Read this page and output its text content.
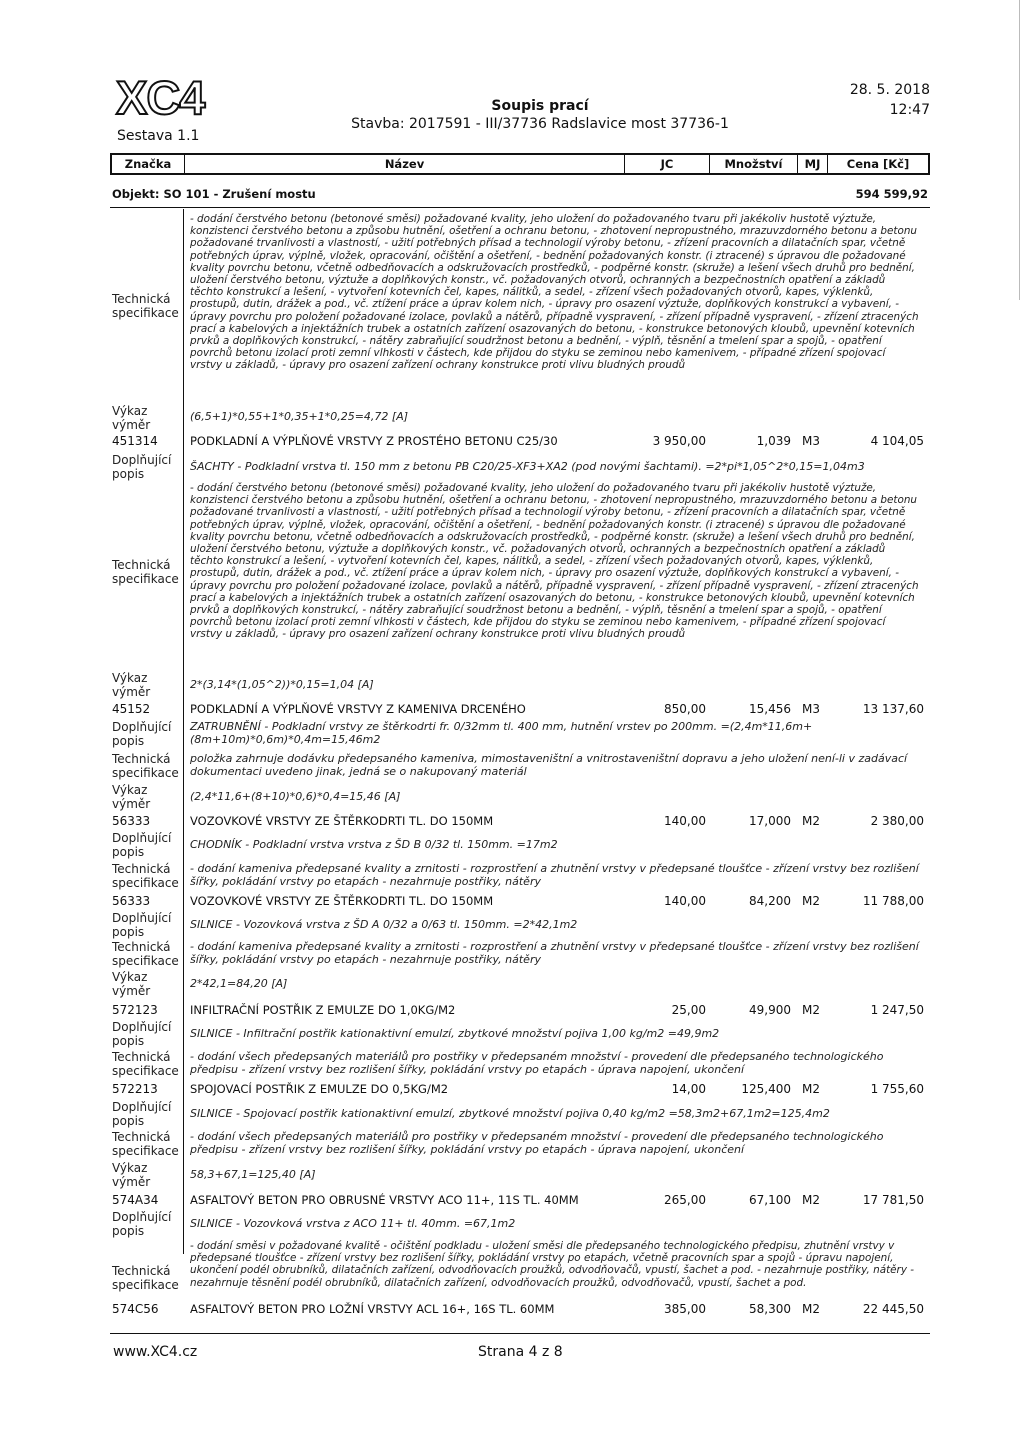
XC4
Sestava 1.1
Soupis prací
Stavba: 2017591 - III/37736 Radslavice most 37736-1
28. 5. 2018
12:47
Značka	Název	JC	Množství	MJ	Cena [Kč]
Objekt: SO 101 - Zrušení mostu	594 599,92
Technická specifikace
- dodání čerstvého betonu (betonové směsi) požadované kvality, jeho uložení do požadovaného tvaru při jakékoliv hustotě výztuže, konzistenci čerstvého betonu a způsobu hutnění, ošetření a ochranu betonu, - zhotovení nepropustného, mrazuvzdorného betonu a betonu požadované trvanlivosti a vlastností, - užití potřebných přísad a technologií výroby betonu, - zřízení pracovních a dilatačních spar, včetně potřebných úprav, výplně, vložek, opracování, očištění a ošetření, - bednění požadovaných konstr. (i ztracené) s úpravou dle požadované kvality povrchu betonu, včetně odbedňovacích a odskružovacích prostředků, - podpěrné konstr. (skruže) a lešení všech druhů pro bednění, uložení čerstvého betonu, výztuže a doplňkových konstr., vč. požadovaných otvorů, ochranných a bezpečnostních opatření a základů těchto konstrukcí a lešení, - vytvoření kotevních čel, kapes, nálitků, a sedel, - zřízení všech požadovaných otvorů, kapes, výklenků, prostupů, dutin, drážek a pod., vč. ztížení práce a úprav kolem nich, - úpravy pro osazení výztuže, doplňkových konstrukcí a vybavení, - úpravy povrchu pro položení požadované izolace, povlaků a nátěrů, případně vyspravení, - zřízení případně vyspravení, - zřízení ztracených prací a kabelových a injektážních trubek a ostatních zařízení osazovaných do betonu, - konstrukce betonových kloubů, upevnění kotevních prvků a doplňkových konstrukcí, - nátěry zabraňující soudržnost betonu a bednění, - výplň, těsnění a tmelení spar a spojů, - opatření povrchů betonu izolací proti zemní vlhkosti v částech, kde přijdou do styku se zeminou nebo kamenivem, - případné zřízení spojovací vrstvy u základů, - úpravy pro osazení zařízení ochrany konstrukce proti vlivu bludných proudů
Výkaz výměr
(6,5+1)*0,55+1*0,35+1*0,25=4,72 [A]
451314	PODKLADNÍ A VÝPLŇOVÉ VRSTVY Z PROSTÉHO BETONU C25/30	3 950,00	1,039 M3	4 104,05
Doplňující popis
ŠACHTY - Podkladní vrstva tl. 150 mm z betonu PB C20/25-XF3+XA2 (pod novými šachtami). =2*pi*1,05^2*0,15=1,04m3
Technická specifikace
- dodání čerstvého betonu (betonové směsi) požadované kvality, jeho uložení do požadovaného tvaru při jakékoliv hustotě výztuže, konzistenci čerstvého betonu a způsobu hutnění, ošetření a ochranu betonu, - zhotovení nepropustného, mrazuvzdorného betonu a betonu požadované trvanlivosti a vlastností, - užití potřebných přísad a technologií výroby betonu, - zřízení pracovních a dilatačních spar, včetně potřebných úprav, výplně, vložek, opracování, očištění a ošetření, - bednění požadovaných konstr. (i ztracené) s úpravou dle požadované kvality povrchu betonu, včetně odbedňovacích a odskružovacích prostředků, - podpěrné konstr. (skruže) a lešení všech druhů pro bednění, uložení čerstvého betonu, výztuže a doplňkových konstr., vč. požadovaných otvorů, ochranných a bezpečnostních opatření a základů těchto konstrukcí a lešení, - vytvoření kotevních čel, kapes, nálitků, a sedel, - zřízení všech požadovaných otvorů, kapes, výklenků, prostupů, dutin, drážek a pod., vč. ztížení práce a úprav kolem nich, - úpravy pro osazení výztuže, doplňkových konstrukcí a vybavení, - úpravy povrchu pro položení požadované izolace, povlaků a nátěrů, případně vyspravení, - zřízení případně vyspravení, - zřízení ztracených prací a kabelových a injektážních trubek a ostatních zařízení osazovaných do betonu, - konstrukce betonových kloubů, upevnění kotevních prvků a doplňkových konstrukcí, - nátěry zabraňující soudržnost betonu a bednění, - výplň, těsnění a tmelení spar a spojů, - opatření povrchů betonu izolací proti zemní vlhkosti v částech, kde přijdou do styku se zeminou nebo kamenivem, - případné zřízení spojovací vrstvy u základů, - úpravy pro osazení zařízení ochrany konstrukce proti vlivu bludných proudů
Výkaz výměr
2*(3,14*(1,05^2))*0,15=1,04 [A]
45152	PODKLADNÍ A VÝPLŇOVÉ VRSTVY Z KAMENIVA DRCENÉHO	850,00	15,456 M3	13 137,60
Doplňující popis
ZATRUBNĚNÍ - Podkladní vrstvy ze štěrkodrti fr. 0/32mm tl. 400 mm, hutnění vrstev po 200mm. =(2,4m*11,6m+(8m+10m)*0,6m)*0,4m=15,46m2
Technická specifikace
položka zahrnuje dodávku předepsaného kameniva, mimostaveništní a vnitrostaveništní dopravu a jeho uložení není-li v zadávací dokumentaci uvedeno jinak, jedná se o nakupovaný materiál
Výkaz výměr
(2,4*11,6+(8+10)*0,6)*0,4=15,46 [A]
56333	VOZOVKOVÉ VRSTVY ZE ŠTĚRKODRTI TL. DO 150MM	140,00	17,000 M2	2 380,00
Doplňující popis
CHODNÍK - Podkladní vrstva vrstva z ŠD B 0/32 tl. 150mm. =17m2
Technická specifikace
- dodání kameniva předepsané kvality a zrnitosti - rozprostření a zhutnění vrstvy v předepsané tloušťce - zřízení vrstvy bez rozlišení šířky, pokládání vrstvy po etapách - nezahrnuje postřiky, nátěry
56333	VOZOVKOVÉ VRSTVY ZE ŠTĚRKODRTI TL. DO 150MM	140,00	84,200 M2	11 788,00
Doplňující popis
SILNICE - Vozovková vrstva z ŠD A 0/32 a 0/63 tl. 150mm. =2*42,1m2
Technická specifikace
- dodání kameniva předepsané kvality a zrnitosti - rozprostření a zhutnění vrstvy v předepsané tloušťce - zřízení vrstvy bez rozlišení šířky, pokládání vrstvy po etapách - nezahrnuje postřiky, nátěry
Výkaz výměr
2*42,1=84,20 [A]
572123	INFILTRAČNÍ POSTŘIK Z EMULZE DO 1,0KG/M2	25,00	49,900 M2	1 247,50
Doplňující popis
SILNICE - Infiltrační postřik kationaktivní emulzí, zbytkové množství pojiva 1,00 kg/m2 =49,9m2
Technická specifikace
- dodání všech předepsaných materiálů pro postřiky v předepsaném množství - provedení dle předepsaného technologického předpisu - zřízení vrstvy bez rozlišení šířky, pokládání vrstvy po etapách - úprava napojení, ukončení
572213	SPOJOVACÍ POSTŘIK Z EMULZE DO 0,5KG/M2	14,00	125,400 M2	1 755,60
Doplňující popis
SILNICE - Spojovací postřik kationaktivní emulzí, zbytkové množství pojiva 0,40 kg/m2 =58,3m2+67,1m2=125,4m2
Technická specifikace
- dodání všech předepsaných materiálů pro postřiky v předepsaném množství - provedení dle předepsaného technologického předpisu - zřízení vrstvy bez rozlišení šířky, pokládání vrstvy po etapách - úprava napojení, ukončení
Výkaz výměr
58,3+67,1=125,40 [A]
574A34	ASFALTOVÝ BETON PRO OBRUSNÉ VRSTVY ACO 11+, 11S TL. 40MM	265,00	67,100 M2	17 781,50
Doplňující popis
SILNICE - Vozovková vrstva z ACO 11+ tl. 40mm. =67,1m2
Technická specifikace
- dodání směsi v požadované kvalitě - očištění podkladu - uložení směsi dle předepsaného technologického předpisu, zhutnění vrstvy v předepsané tloušťce - zřízení vrstvy bez rozlišení šířky, pokládání vrstvy po etapách, včetně pracovních spar a spojů - úpravu napojení, ukončení podél obrubníků, dilatačních zařízení, odvodňovacích proužků, odvodňovačů, vpustí, šachet a pod. - nezahrnuje postřiky, nátěry - nezahrnuje těsnění podél obrubníků, dilatačních zařízení, odvodňovacích proužků, odvodňovačů, vpustí, šachet a pod.
574C56	ASFALTOVÝ BETON PRO LOŽNÍ VRSTVY ACL 16+, 16S TL. 60MM	385,00	58,300 M2	22 445,50
www.XC4.cz	Strana 4 z 8
